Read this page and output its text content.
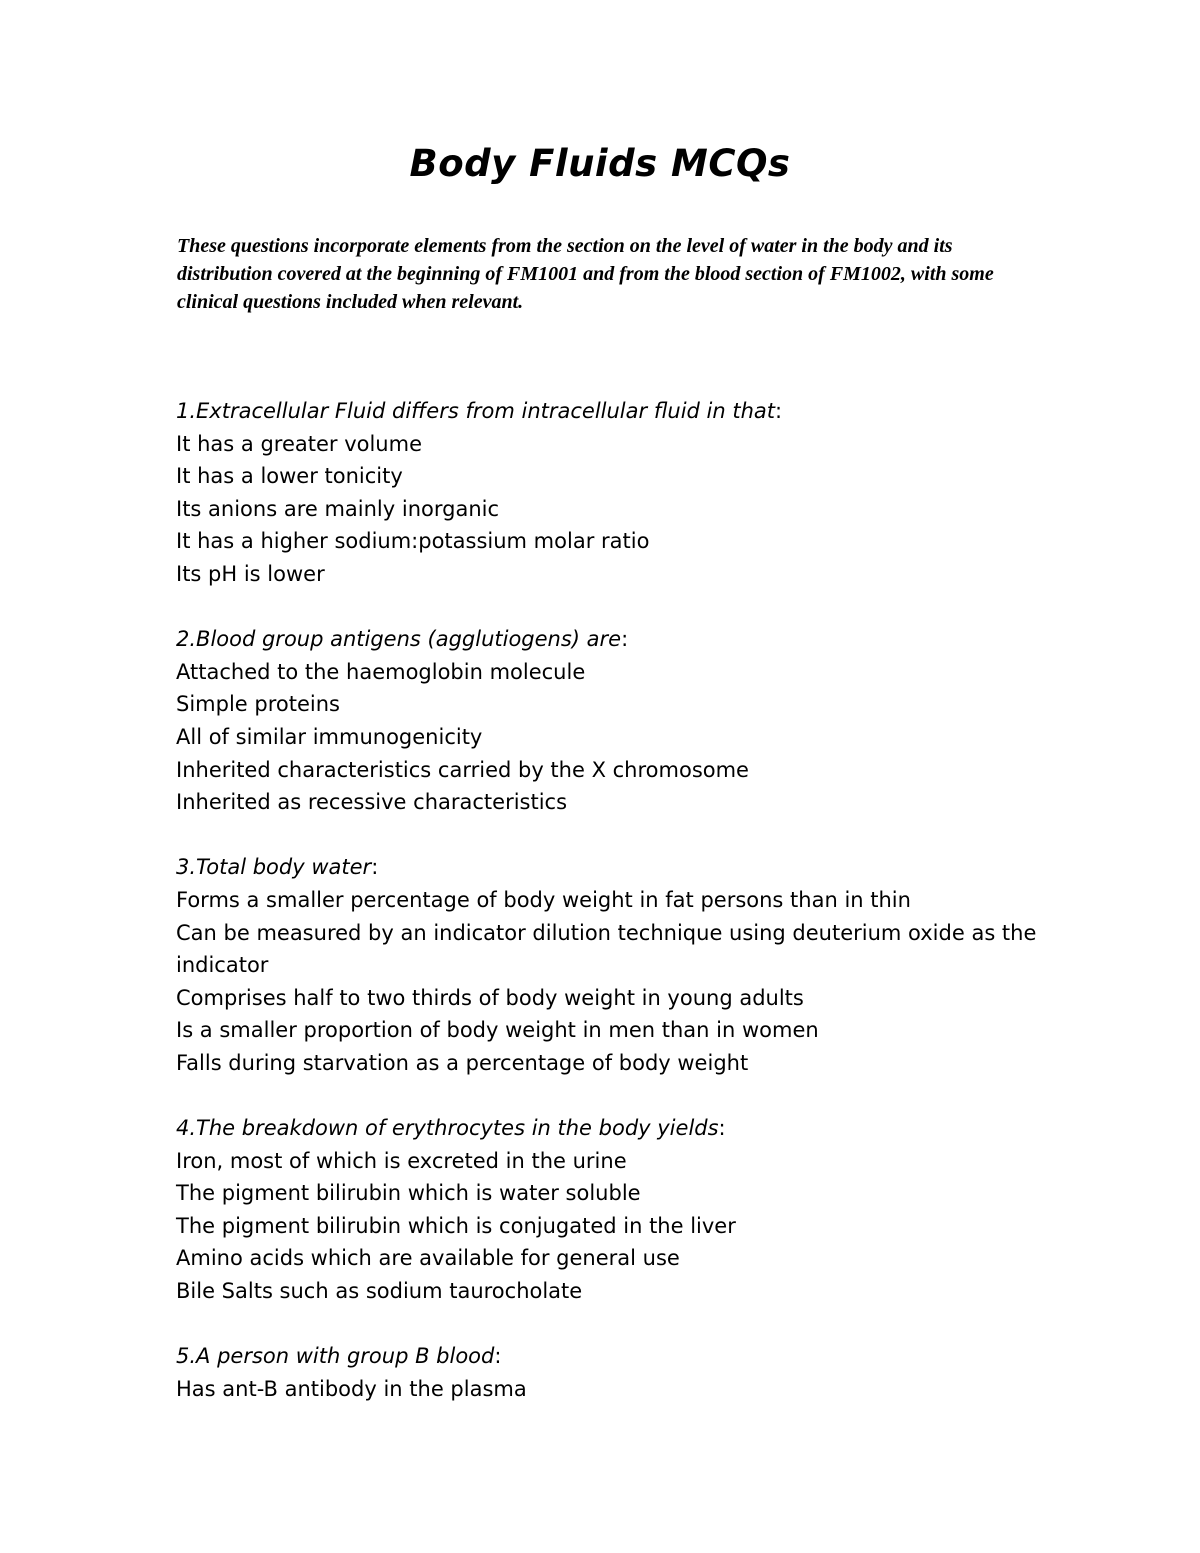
Body Fluids MCQs
These questions incorporate elements from the section on the level of water in the body and its distribution covered at the beginning of FM1001 and from the blood section of FM1002, with some clinical questions included when relevant.
1.Extracellular Fluid differs from intracellular fluid in that:
It has a greater volume
It has a lower tonicity
Its anions are mainly inorganic
It has a higher sodium:potassium molar ratio
Its pH is lower
2.Blood group antigens (agglutiogens) are:
Attached to the haemoglobin molecule
Simple proteins
All of similar immunogenicity
Inherited characteristics carried by the X chromosome
Inherited as recessive characteristics
3.Total body water:
Forms a smaller percentage of body weight in fat persons than in thin
Can be measured by an indicator dilution technique using deuterium oxide as the indicator
Comprises half to two thirds of body weight in young adults
Is a smaller proportion of body weight in men than in women
Falls during starvation as a percentage of body weight
4.The breakdown of erythrocytes in the body yields:
Iron, most of which is excreted in the urine
The pigment bilirubin which is water soluble
The pigment bilirubin which is conjugated in the liver
Amino acids which are available for general use
Bile Salts such as sodium taurocholate
5.A person with group B blood:
Has ant-B antibody in the plasma
